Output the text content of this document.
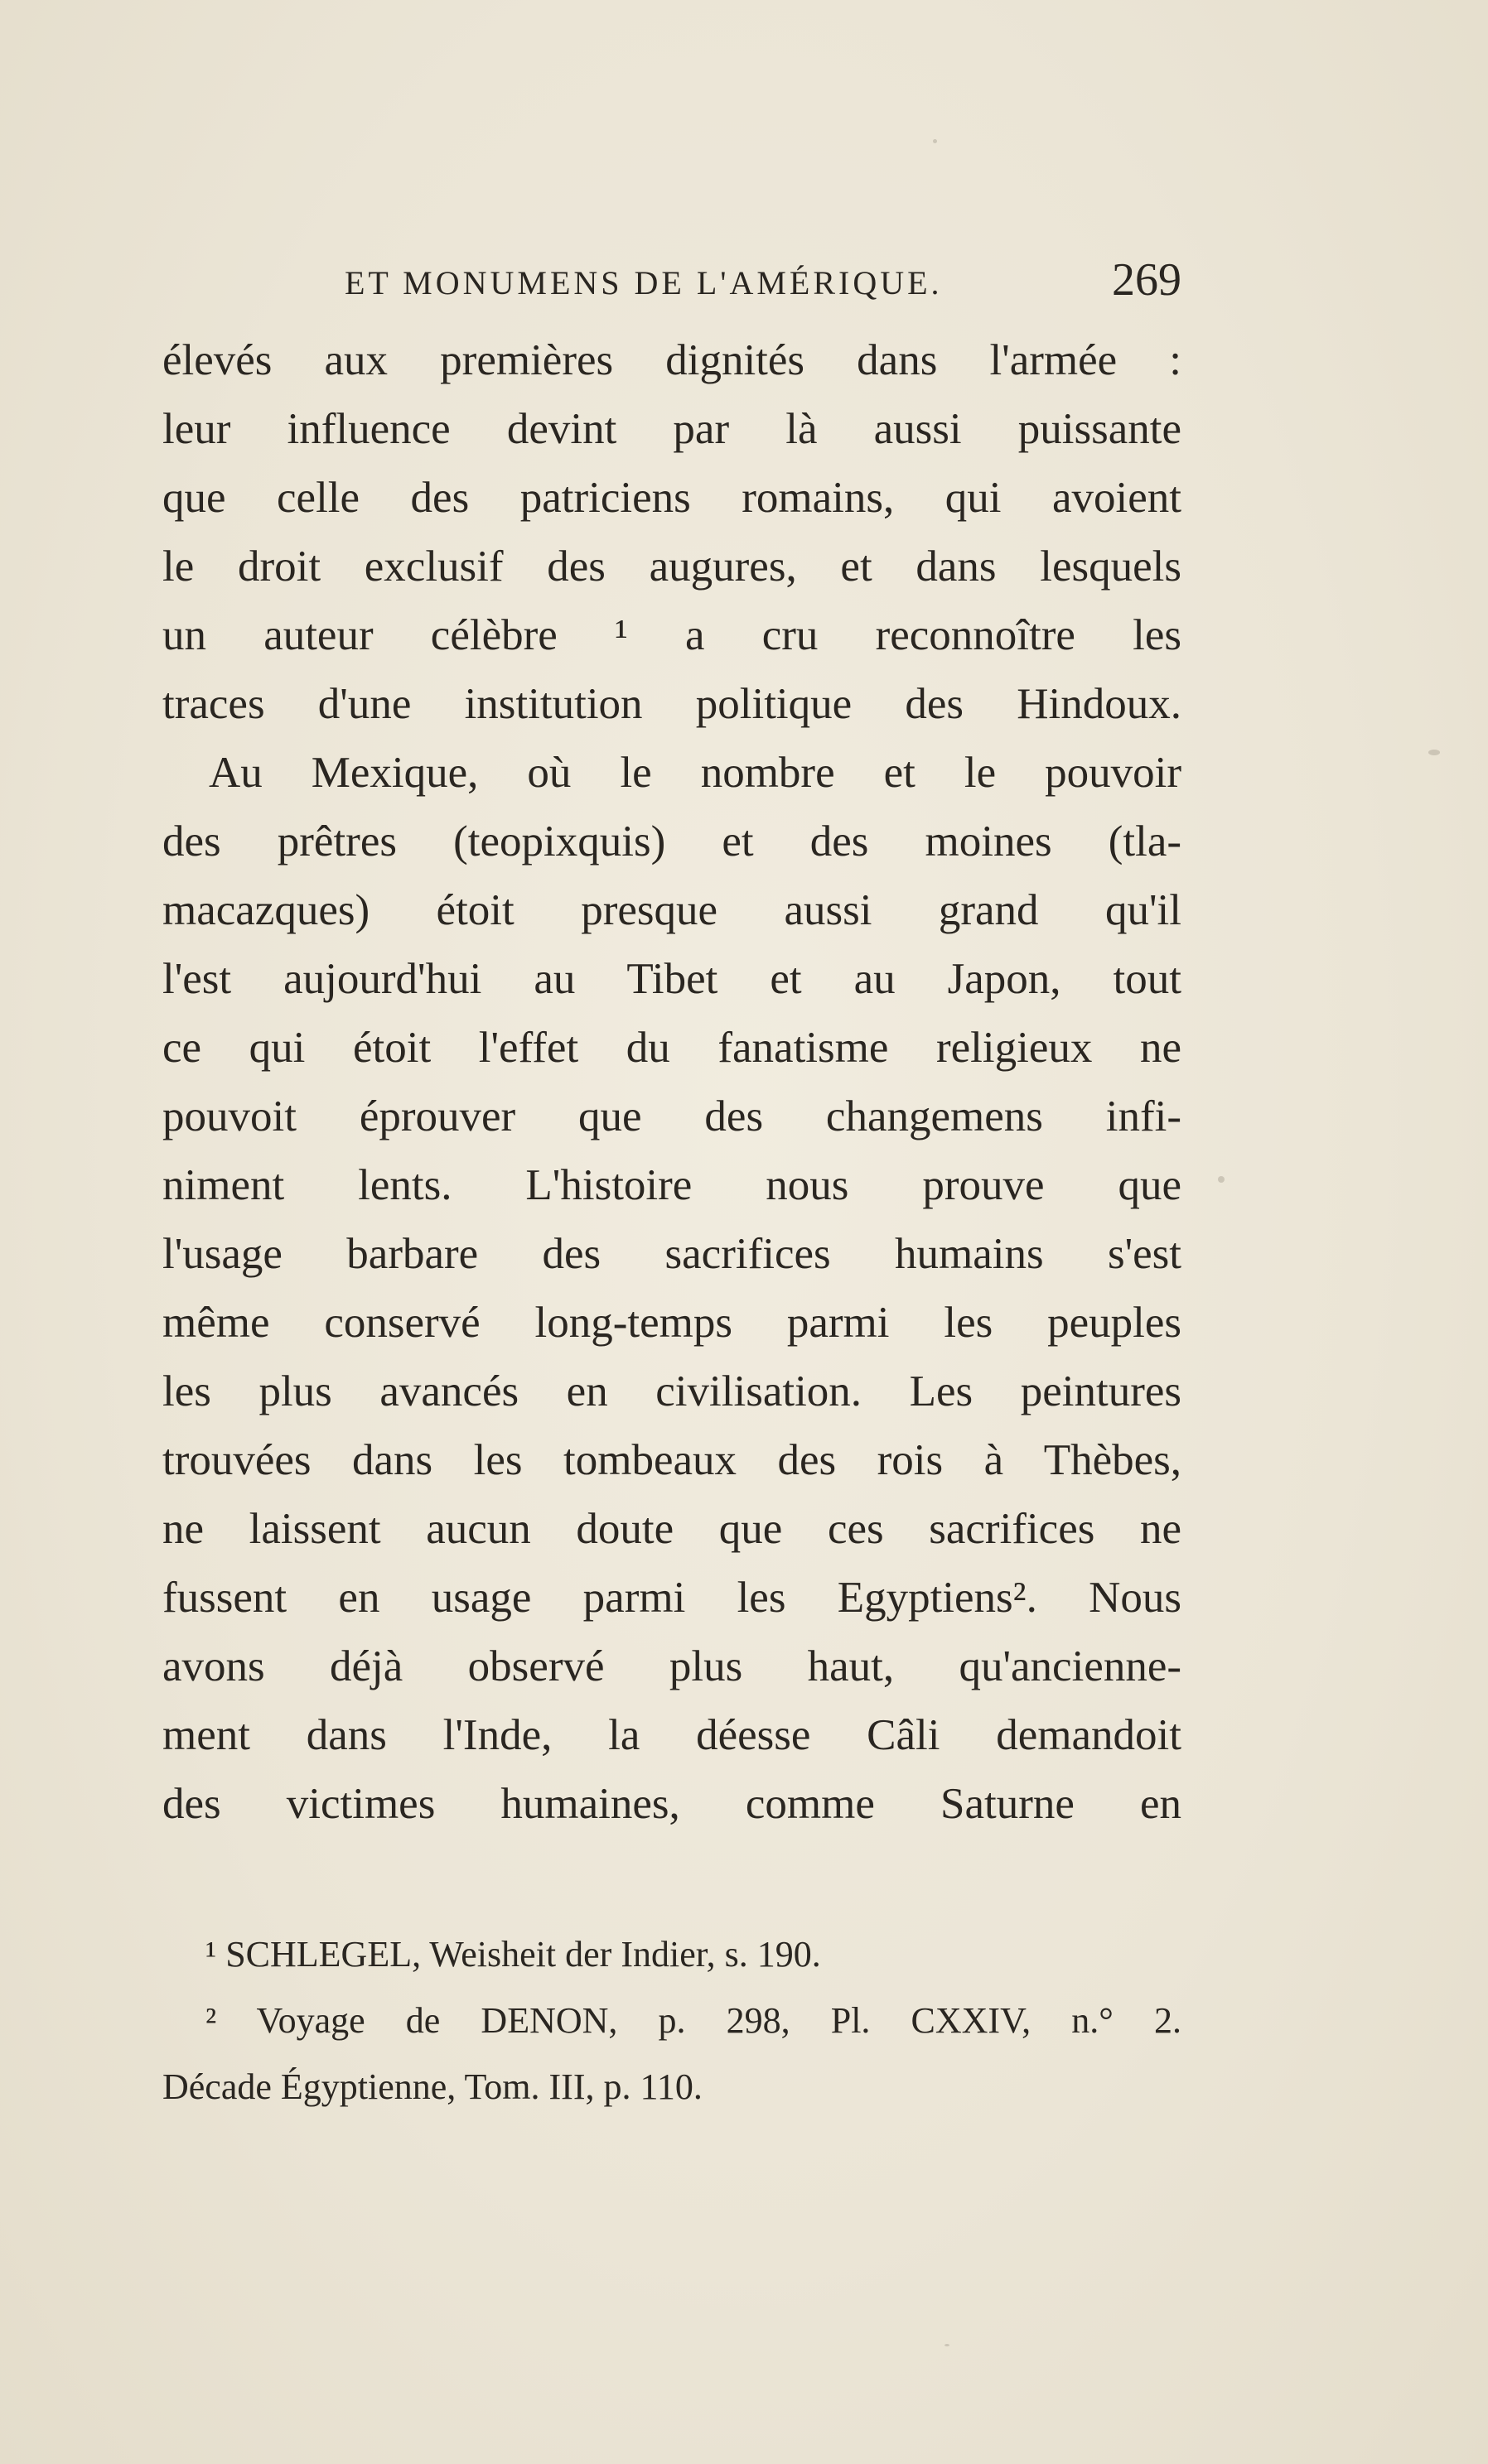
ET MONUMENS DE L'AMÉRIQUE.	269
élevés aux premières dignités dans l'armée :
leur influence devint par là aussi puissante
que celle des patriciens romains, qui avoient
le droit exclusif des augures, et dans lesquels
un auteur célèbre ¹ a cru reconnoître les
traces d'une institution politique des Hindoux.
Au Mexique, où le nombre et le pouvoir
des prêtres (teopixquis) et des moines (tla-
macazques) étoit presque aussi grand qu'il
l'est aujourd'hui au Tibet et au Japon, tout
ce qui étoit l'effet du fanatisme religieux ne
pouvoit éprouver que des changemens infi-
niment lents. L'histoire nous prouve que
l'usage barbare des sacrifices humains s'est
même conservé long-temps parmi les peuples
les plus avancés en civilisation. Les peintures
trouvées dans les tombeaux des rois à Thèbes,
ne laissent aucun doute que ces sacrifices ne
fussent en usage parmi les Egyptiens². Nous
avons déjà observé plus haut, qu'ancienne-
ment dans l'Inde, la déesse Câli demandoit
des victimes humaines, comme Saturne en
¹ SCHLEGEL, Weisheit der Indier, s. 190.
² Voyage de DENON, p. 298, Pl. CXXIV, n.° 2.
Décade Égyptienne, Tom. III, p. 110.
